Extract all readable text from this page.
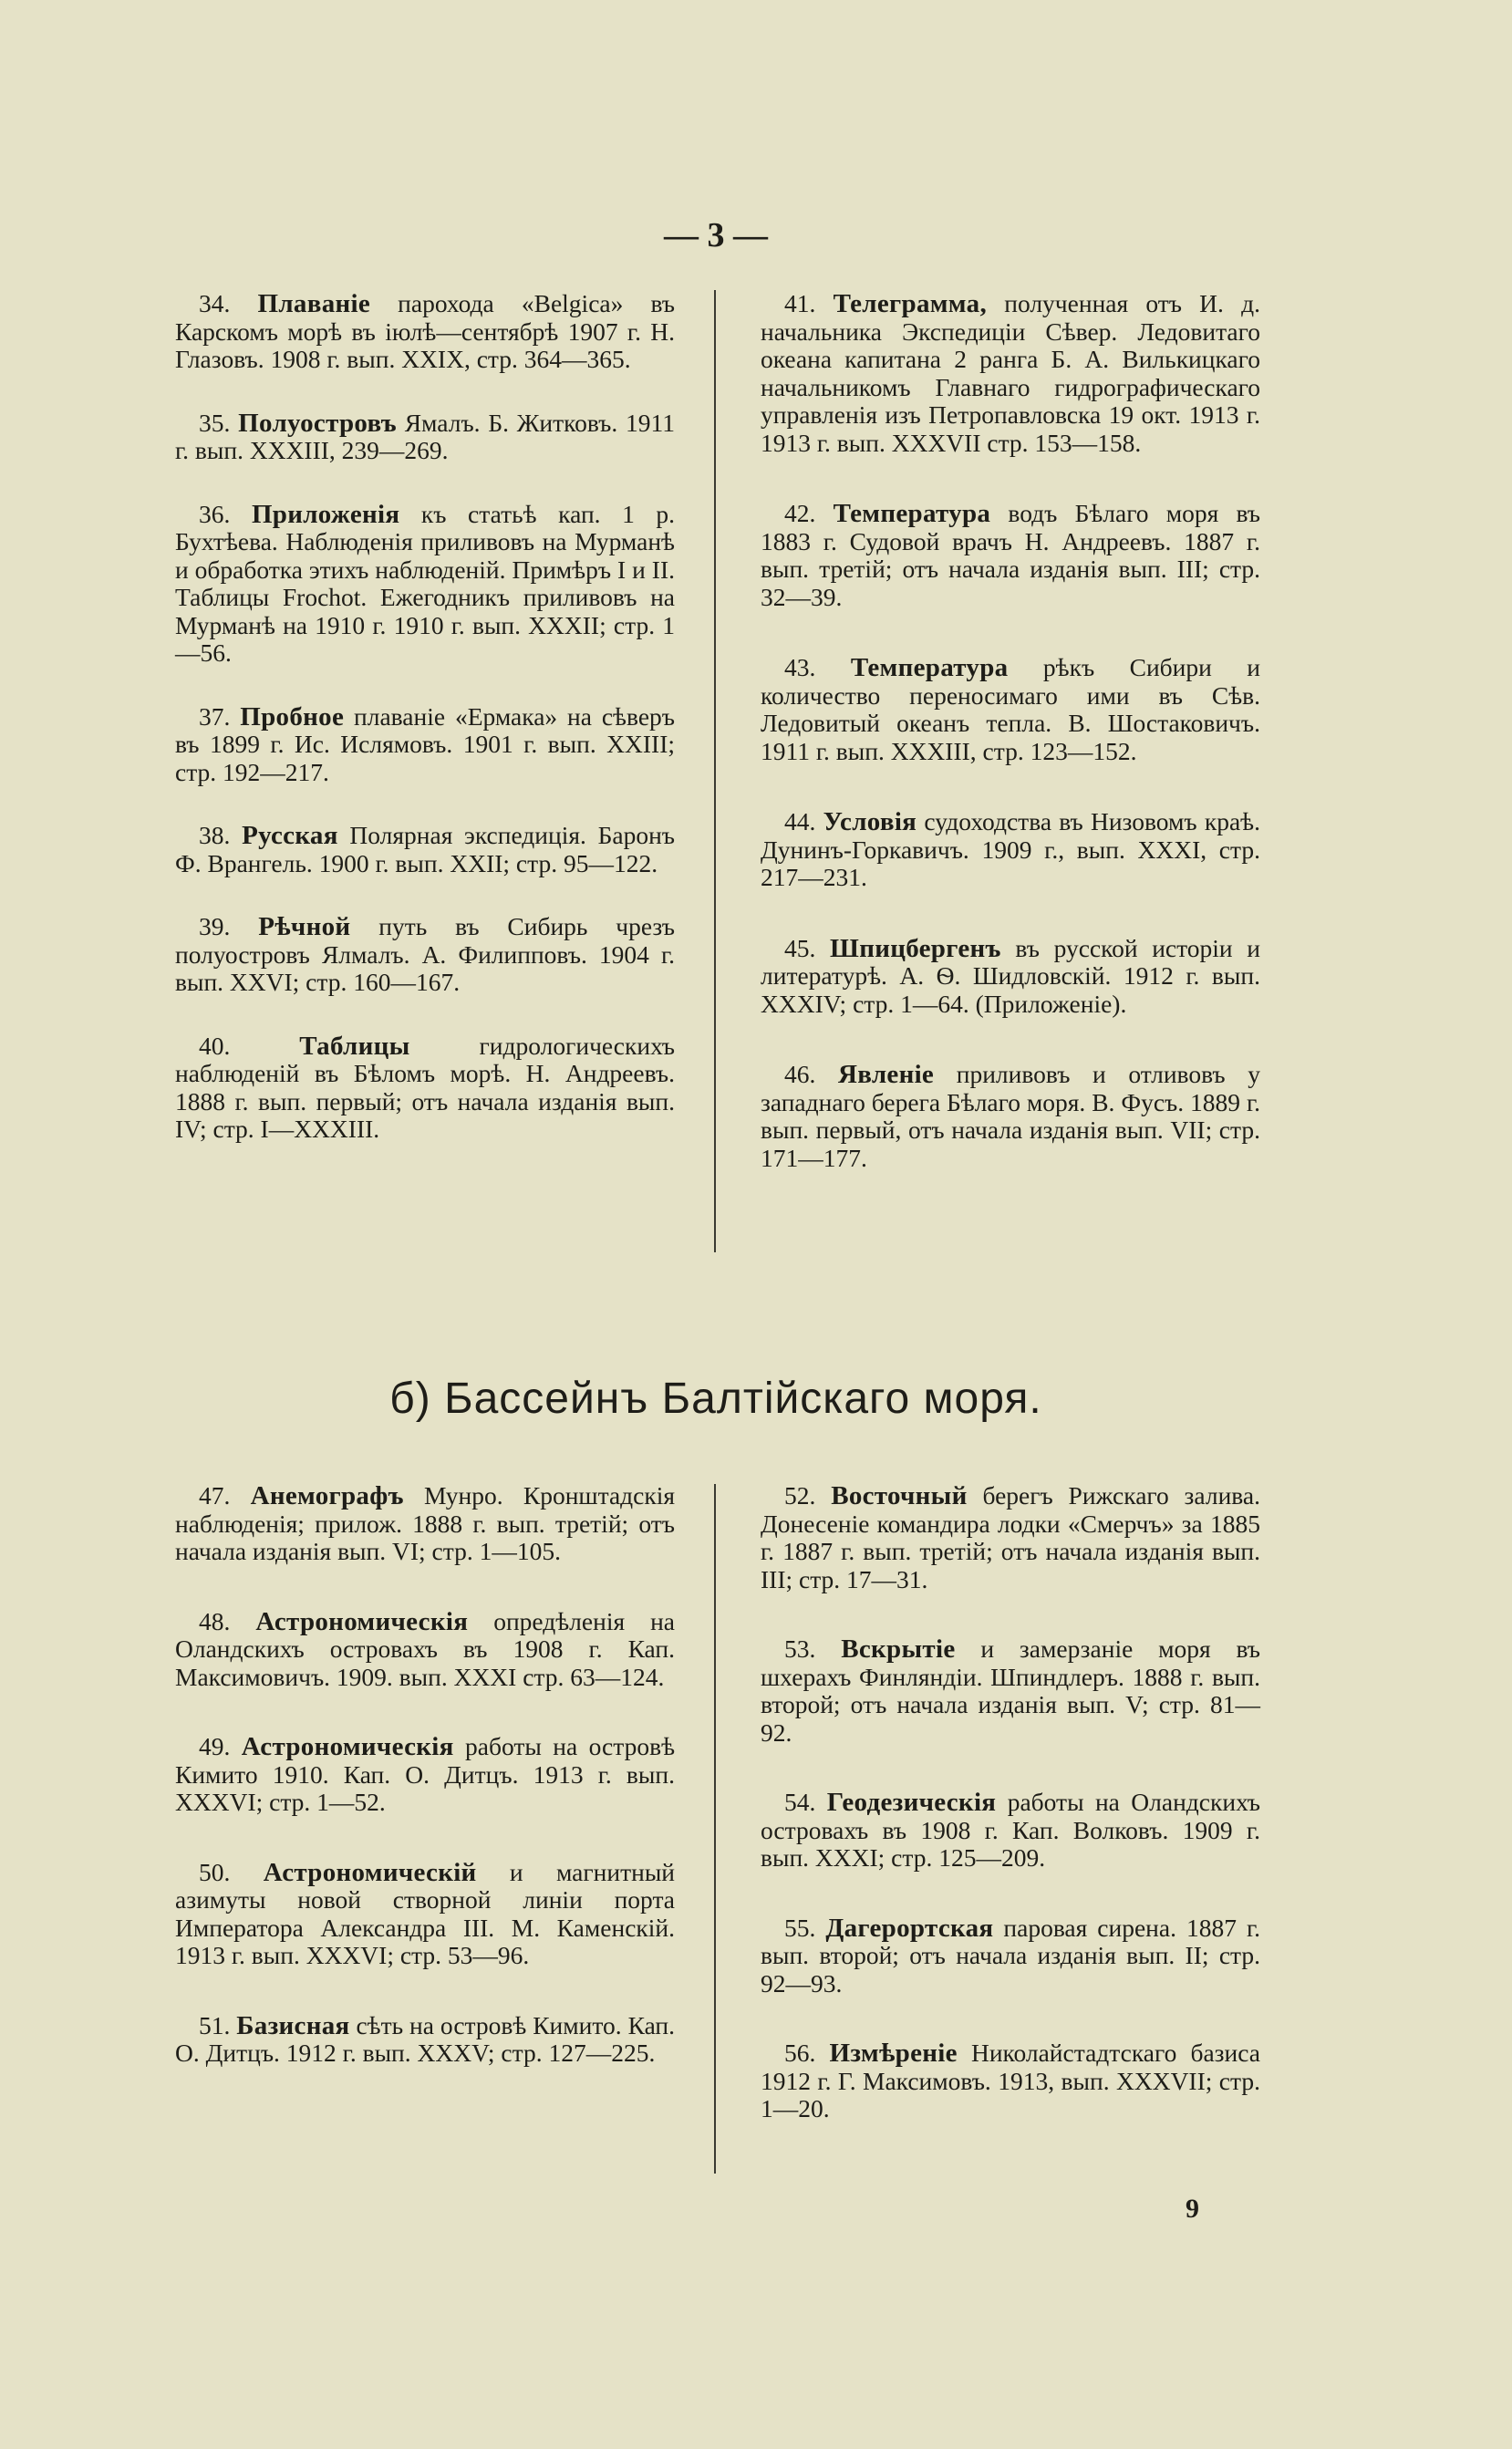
— 3 —

34. Плаваніе парохода «Belgica» въ Карскомъ морѣ въ іюлѣ—сентябрѣ 1907 г. Н. Глазовъ. 1908 г. вып. XXIX, стр. 364—365.

35. Полуостровъ Ямалъ. Б. Житковъ. 1911 г. вып. XXXIII, 239—269.

36. Приложенія къ статьѣ кап. 1 р. Бухтѣева. Наблюденія приливовъ на Мурманѣ и обработка этихъ наблюденій. Примѣръ I и II. Таблицы Frochot. Ежегодникъ приливовъ на Мурманѣ на 1910 г. 1910 г. вып. XXXII; стр. 1—56.

37. Пробное плаваніе «Ермака» на сѣверъ въ 1899 г. Ис. Ислямовъ. 1901 г. вып. XXIII; стр. 192—217.

38. Русская Полярная экспедиція. Баронъ Ф. Врангель. 1900 г. вып. XXII; стр. 95—122.

39. Рѣчной путь въ Сибирь чрезъ полуостровъ Ялмалъ. А. Филипповъ. 1904 г. вып. XXVI; стр. 160—167.

40.	Таблицы	гидрологическихъ наблюденій въ Бѣломъ морѣ. Н. Андреевъ. 1888 г. вып. первый; отъ начала изданія вып. IV; стр. I—XXXIII.

41. Телеграмма, полученная отъ И. д. начальника Экспедиціи Сѣвер. Ледовитаго океана капитана 2 ранга Б. А. Вилькицкаго начальникомъ Главнаго гидрографическаго управленія изъ Петропавловска 19 окт. 1913 г. 1913 г. вып. XXXVII стр. 153—158.

42. Температура водъ Бѣлаго моря въ 1883 г. Судовой врачъ Н. Андреевъ. 1887 г. вып. третій; отъ начала изданія вып. III; стр. 32—39.

43. Температура рѣкъ Сибири и количество переносимаго ими въ Сѣв. Ледовитый океанъ тепла. В. Шостаковичъ. 1911 г. вып. XXXIII, стр. 123—152.

44. Условія судоходства въ Низовомъ краѣ. Дунинъ-Горкавичъ. 1909 г., вып. XXXI, стр. 217—231.

45. Шпицбергенъ въ русской исторіи и литературѣ. А. Ѳ. Шидловскій. 1912 г. вып. XXXIV; стр. 1—64. (Приложеніе).

46. Явленіе приливовъ и отливовъ у западнаго берега Бѣлаго моря. В. Фусъ. 1889 г. вып. первый, отъ начала изданія вып. VII; стр. 171—177.

б) Бассейнъ Балтійскаго моря.

47. Анемографъ Мунро. Кронштадскія наблюденія; прилож. 1888 г. вып. третій; отъ начала изданія вып. VI; стр. 1—105.

48. Астрономическія опредѣленія на Оландскихъ островахъ въ 1908 г. Кап. Максимовичъ. 1909. вып. XXXI стр. 63—124.

49. Астрономическія работы на островѣ Кимито 1910. Кап. О. Дитцъ. 1913 г. вып. XXXVI; стр. 1—52.

50. Астрономическій и магнитный азимуты новой створной линіи порта Императора Александра III. М. Каменскій. 1913 г. вып. XXXVI; стр. 53—96.

51. Базисная сѣть на островѣ Кимито. Кап. О. Дитцъ. 1912 г. вып. XXXV; стр. 127—225.

52. Восточный берегъ Рижскаго залива. Донесеніе командира лодки «Смерчъ» за 1885 г. 1887 г. вып. третій; отъ начала изданія вып. III; стр. 17—31.

53. Вскрытіе и замерзаніе моря въ шхерахъ Финляндіи. Шпиндлеръ. 1888 г. вып. второй; отъ начала изданія вып. V; стр. 81—92.

54. Геодезическія работы на Оландскихъ островахъ въ 1908 г. Кап. Волковъ. 1909 г. вып. XXXI; стр. 125—209.

55. Дагерортская паровая сирена. 1887 г. вып. второй; отъ начала изданія вып. II; стр. 92—93.

56. Измѣреніе Николайстадтскаго базиса 1912 г. Г. Максимовъ. 1913, вып. XXXVII; стр. 1—20.

9
